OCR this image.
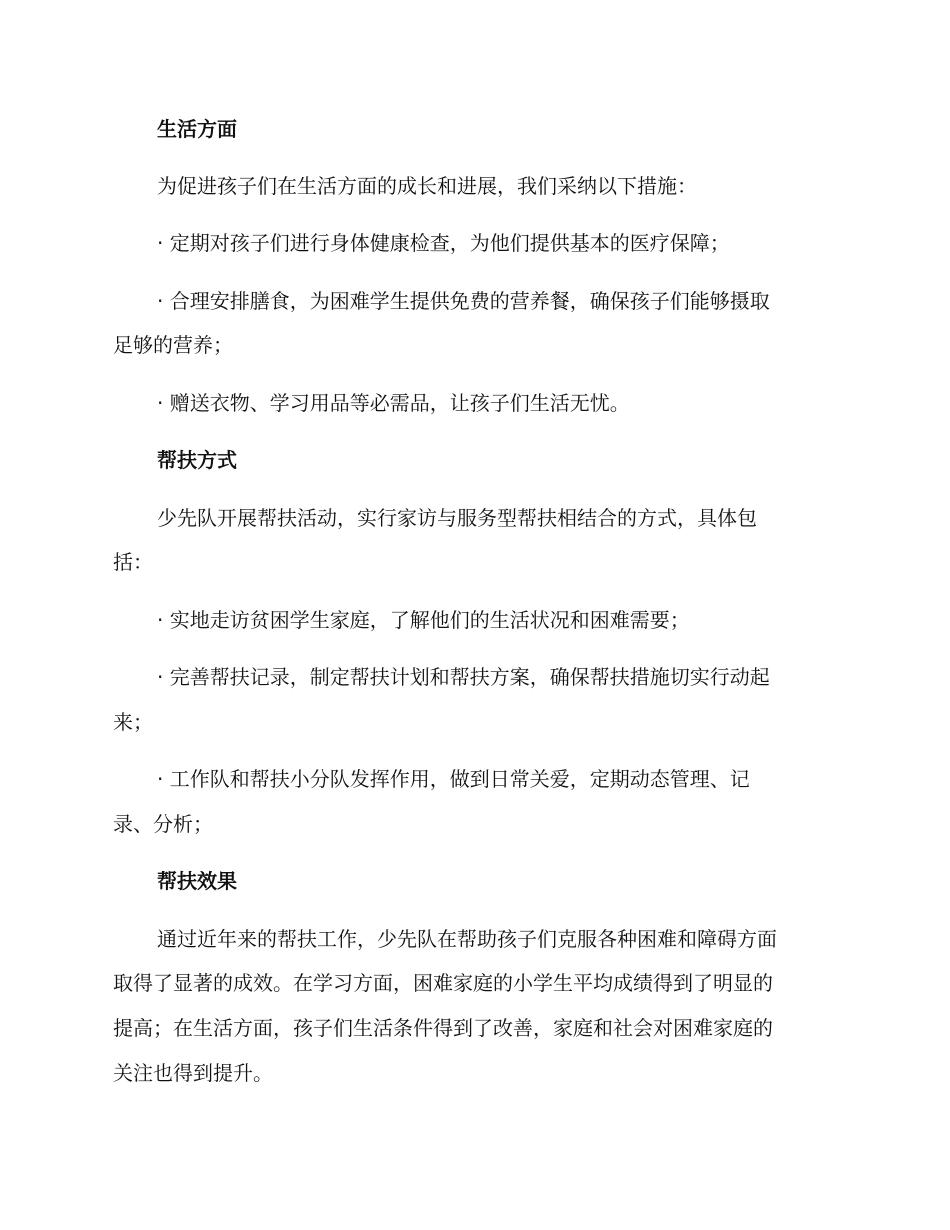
生活方面
为促进孩子们在生活方面的成长和进展，我们采纳以下措施：
· 定期对孩子们进行身体健康检查，为他们提供基本的医疗保障；
· 合理安排膳食，为困难学生提供免费的营养餐，确保孩子们能够摄取
足够的营养；
· 赠送衣物、学习用品等必需品，让孩子们生活无忧。
帮扶方式
少先队开展帮扶活动，实行家访与服务型帮扶相结合的方式，具体包
括：
· 实地走访贫困学生家庭，了解他们的生活状况和困难需要；
· 完善帮扶记录，制定帮扶计划和帮扶方案，确保帮扶措施切实行动起
来；
· 工作队和帮扶小分队发挥作用，做到日常关爱，定期动态管理、记
录、分析；
帮扶效果
通过近年来的帮扶工作，少先队在帮助孩子们克服各种困难和障碍方面
取得了显著的成效。在学习方面，困难家庭的小学生平均成绩得到了明显的
提高；在生活方面，孩子们生活条件得到了改善，家庭和社会对困难家庭的
关注也得到提升。
